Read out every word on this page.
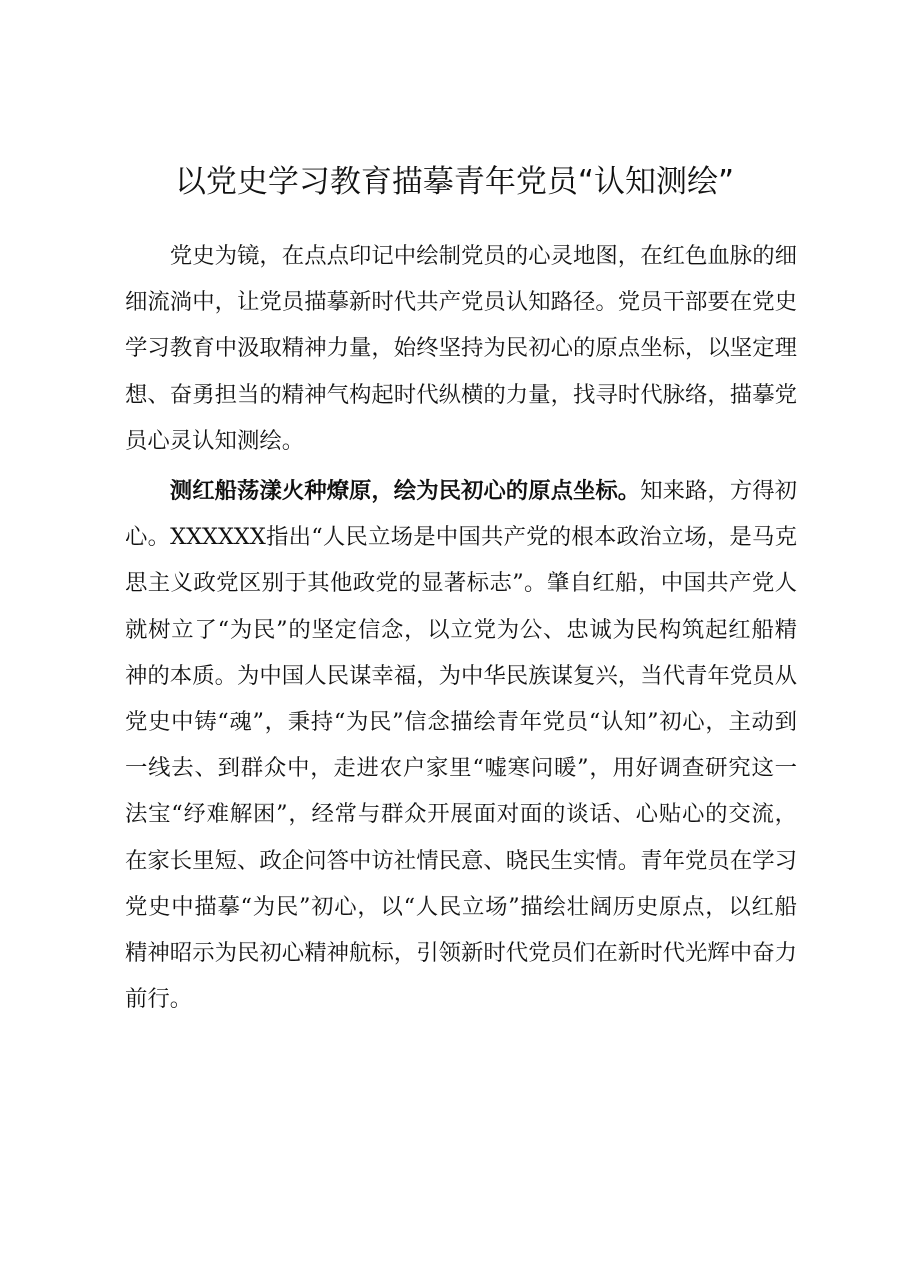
以党史学习教育描摹青年党员“认知测绘”

党史为镜，在点点印记中绘制党员的心灵地图，在红色血脉的细细流淌中，让党员描摹新时代共产党员认知路径。党员干部要在党史学习教育中汲取精神力量，始终坚持为民初心的原点坐标，以坚定理想、奋勇担当的精神气构起时代纵横的力量，找寻时代脉络，描摹党员心灵认知测绘。

测红船荡漾火种燎原，绘为民初心的原点坐标。知来路，方得初心。XXXXXX指出“人民立场是中国共产党的根本政治立场，是马克思主义政党区别于其他政党的显著标志”。肇自红船，中国共产党人就树立了“为民”的坚定信念，以立党为公、忠诚为民构筑起红船精神的本质。为中国人民谋幸福，为中华民族谋复兴，当代青年党员从党史中铸“魂”，秉持“为民”信念描绘青年党员“认知”初心，主动到一线去、到群众中，走进农户家里“嘘寒问暖”，用好调查研究这一法宝“纾难解困”，经常与群众开展面对面的谈话、心贴心的交流，在家长里短、政企问答中访社情民意、晓民生实情。青年党员在学习党史中描摹“为民”初心，以“人民立场”描绘壮阔历史原点，以红船精神昭示为民初心精神航标，引领新时代党员们在新时代光辉中奋力前行。
